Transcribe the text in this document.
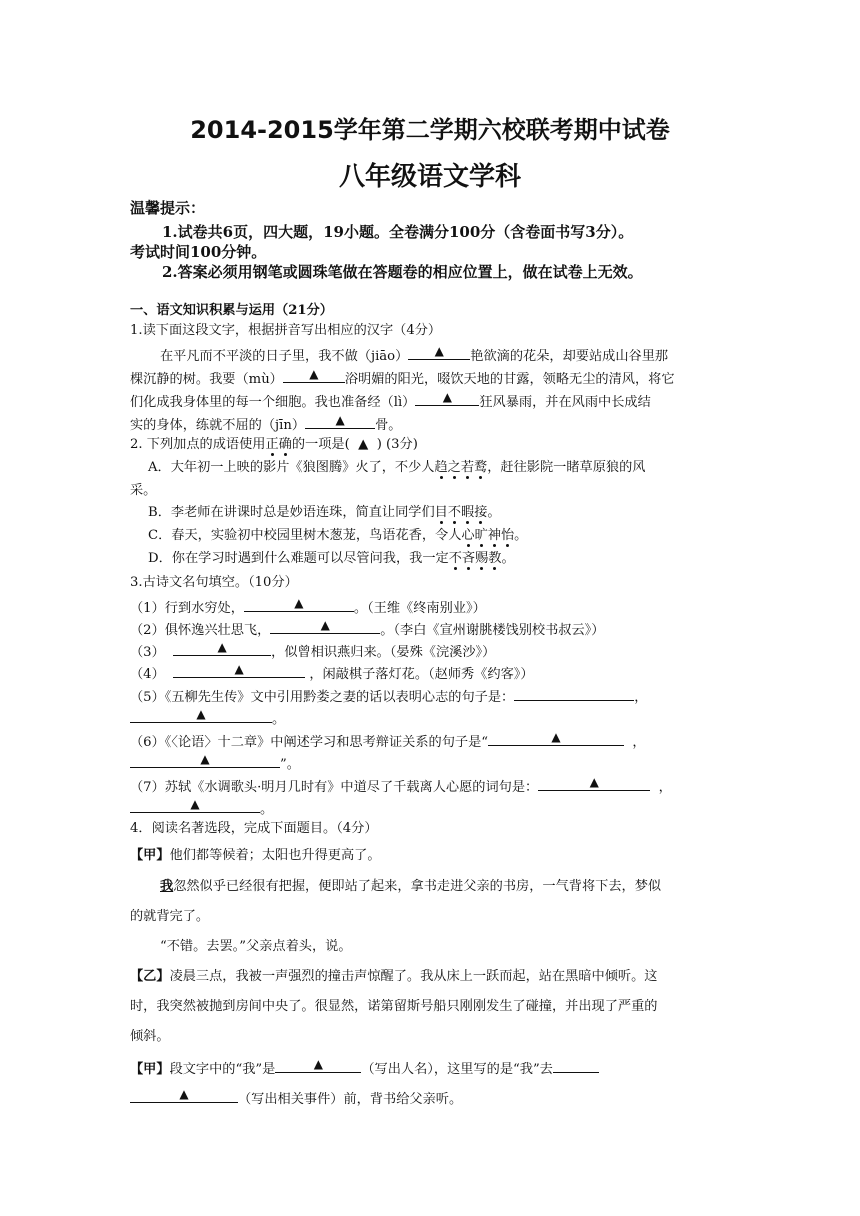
2014-2015学年第二学期六校联考期中试卷
八年级语文学科
温馨提示：
1.试卷共6页，四大题，19小题。全卷满分100分（含卷面书写3分）。
考试时间100分钟。
2.答案必须用钢笔或圆珠笔做在答题卷的相应位置上，做在试卷上无效。
一、语文知识积累与运用（21分）
1.读下面这段文字，根据拼音写出相应的汉字（4分）
在平凡而不平淡的日子里，我不做（jiāo） ▲ 艳欲滴的花朵，却要站成山谷里那
棵沉静的树。我要（mù） ▲ 浴明媚的阳光，啜饮天地的甘露，领略无尘的清风，将它
们化成我身体里的每一个细胞。我也准备经（lì） ▲ 狂风暴雨，并在风雨中长成结
实的身体，练就不屈的（jīn）	▲ 骨。
2. 下列加点的成语使用正确的一项是( ▲ ) (3分)
A．大年初一上映的影片《狼图腾》火了，不少人趋之若鹜，赶往影院一睹草原狼的风
采。
B．李老师在讲课时总是妙语连珠，简直让同学们目不暇接。
C．春天，实验初中校园里树木葱茏，鸟语花香，令人心旷神怡。
D．你在学习时遇到什么难题可以尽管问我，我一定不吝赐教。
3.古诗文名句填空。（10分）
（1）行到水穷处，	▲	。（王维《终南别业》）
（2）俱怀逸兴壮思飞，	▲	。（李白《宣州谢朓楼饯别校书叔云》）
（3）	▲	，似曾相识燕归来。（晏殊《浣溪沙》）
（4）	▲	，闲敲棋子落灯花。（赵师秀《约客》）
（5）《五柳先生传》文中引用黔娄之妻的话以表明心志的句子是：	，
▲	。
（6）《〈论语〉十二章》中阐述学习和思考辩证关系的句子是“	▲	，
▲	”。
（7）苏轼《水调歌头·明月几时有》中道尽了千载离人心愿的词句是：	▲	，
▲	。
4．阅读名著选段，完成下面题目。（4分）
【甲】他们都等候着；太阳也升得更高了。
我忽然似乎已经很有把握，便即站了起来，拿书走进父亲的书房，一气背将下去，梦似
的就背完了。
“不错。去罢。”父亲点着头，说。
【乙】凌晨三点，我被一声强烈的撞击声惊醒了。我从床上一跃而起，站在黑暗中倾听。这
时，我突然被抛到房间中央了。很显然，诺第留斯号船只刚刚发生了碰撞，并出现了严重的
倾斜。
【甲】段文字中的“我”是	▲	（写出人名），这里写的是“我”去
▲	（写出相关事件）前，背书给父亲听。
